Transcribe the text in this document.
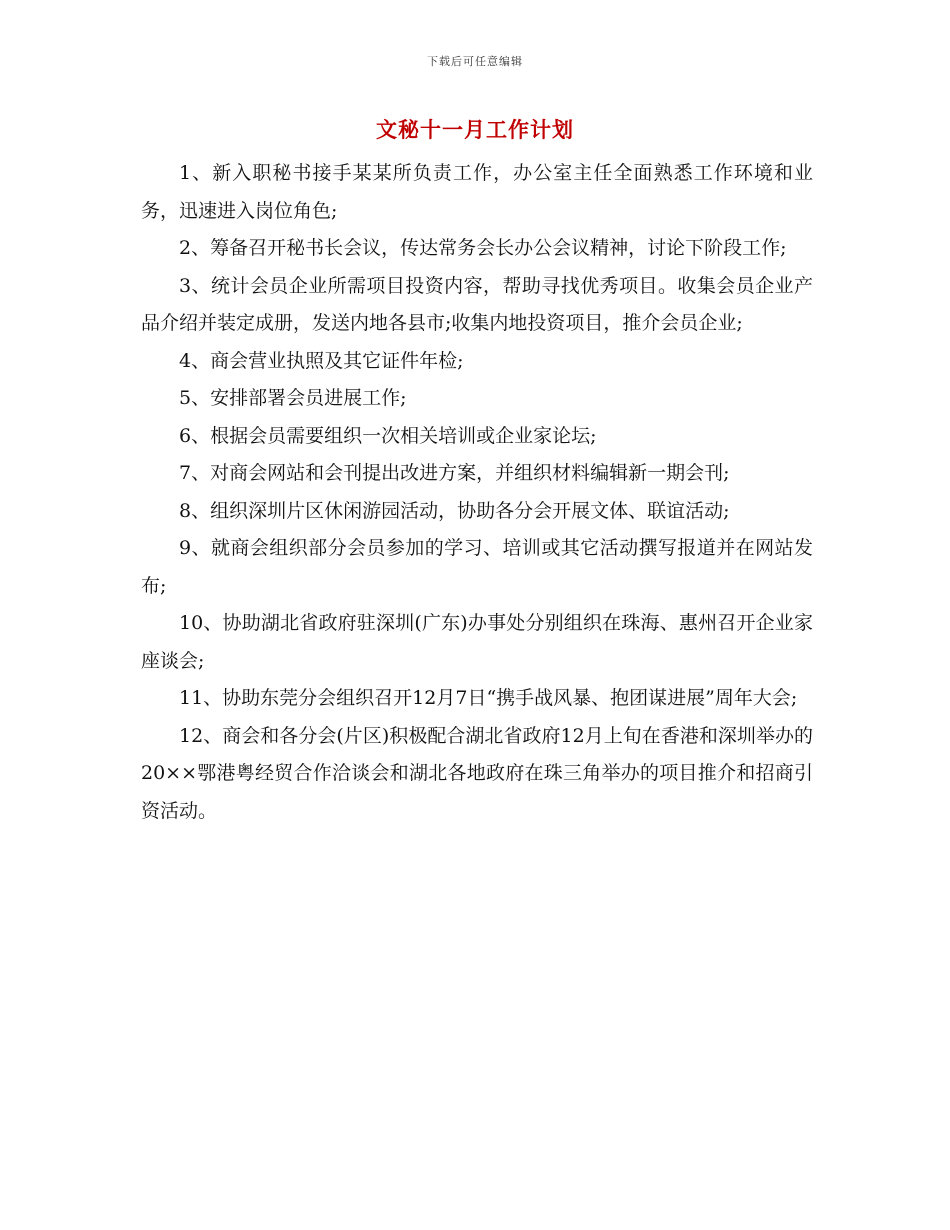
下载后可任意编辑
文秘十一月工作计划

1、新入职秘书接手某某所负责工作，办公室主任全面熟悉工作环境和业务，迅速进入岗位角色;

2、筹备召开秘书长会议，传达常务会长办公会议精神，讨论下阶段工作;

3、统计会员企业所需项目投资内容，帮助寻找优秀项目。收集会员企业产品介绍并装定成册，发送内地各县市;收集内地投资项目，推介会员企业;

4、商会营业执照及其它证件年检;

5、安排部署会员进展工作;

6、根据会员需要组织一次相关培训或企业家论坛;

7、对商会网站和会刊提出改进方案，并组织材料编辑新一期会刊;

8、组织深圳片区休闲游园活动，协助各分会开展文体、联谊活动;

9、就商会组织部分会员参加的学习、培训或其它活动撰写报道并在网站发布;

10、协助湖北省政府驻深圳(广东)办事处分别组织在珠海、惠州召开企业家座谈会;

11、协助东莞分会组织召开12月7日“携手战风暴、抱团谋进展”周年大会;

12、商会和各分会(片区)积极配合湖北省政府12月上旬在香港和深圳举办的20××鄂港粤经贸合作洽谈会和湖北各地政府在珠三角举办的项目推介和招商引资活动。
